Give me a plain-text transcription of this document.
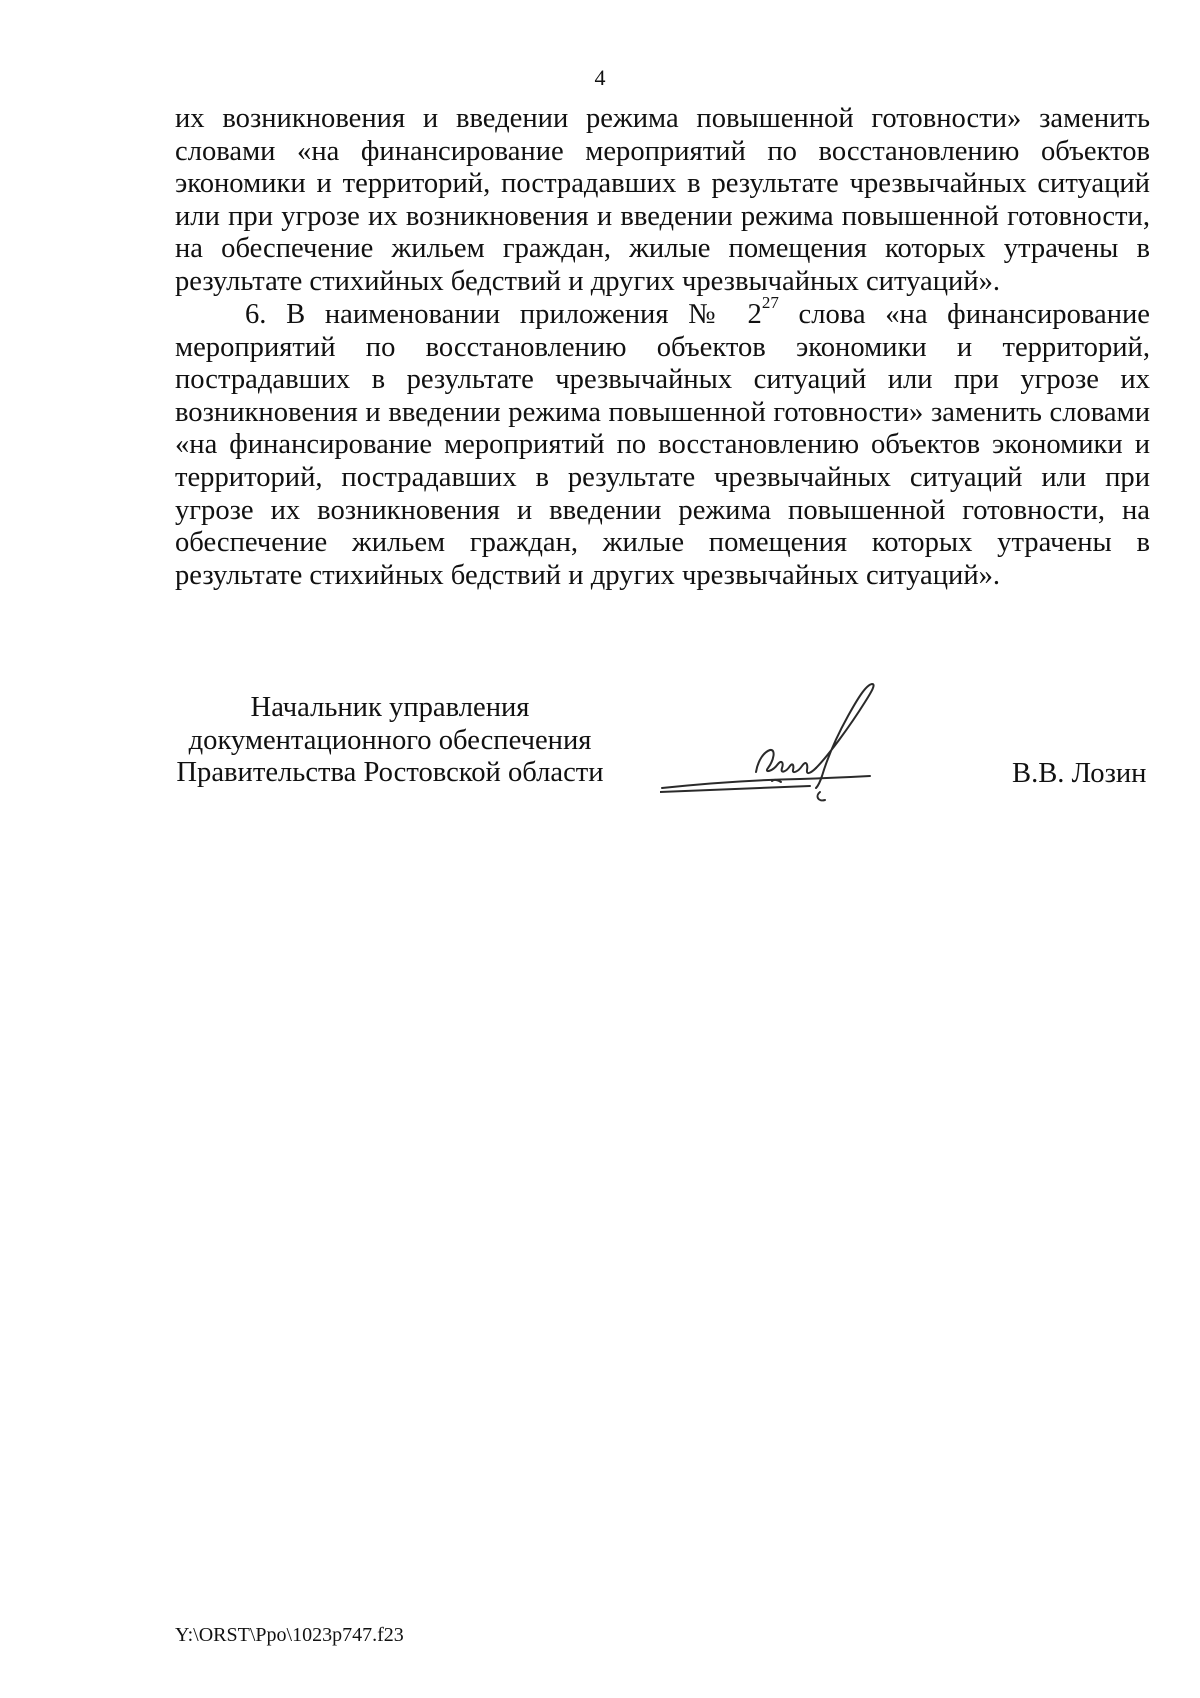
4

их возникновения и введении режима повышенной готовности» заменить словами «на финансирование мероприятий по восстановлению объектов экономики и территорий, пострадавших в результате чрезвычайных ситуаций или при угрозе их возникновения и введении режима повышенной готовности, на обеспечение жильем граждан, жилые помещения которых утрачены в результате стихийных бедствий и других чрезвычайных ситуаций».

6. В наименовании приложения № $2^{27}$ слова «на финансирование мероприятий по восстановлению объектов экономики и территорий, пострадавших в результате чрезвычайных ситуаций или при угрозе их возникновения и введении режима повышенной готовности» заменить словами «на финансирование мероприятий по восстановлению объектов экономики и территорий, пострадавших в результате чрезвычайных ситуаций или при угрозе их возникновения и введении режима повышенной готовности, на обеспечение жильем граждан, жилые помещения которых утрачены в результате стихийных бедствий и других чрезвычайных ситуаций».

Начальник управления
документационного обеспечения
Правительства Ростовской области	В.В. Лозин
Y:\ORST\Ppo\1023p747.f23
